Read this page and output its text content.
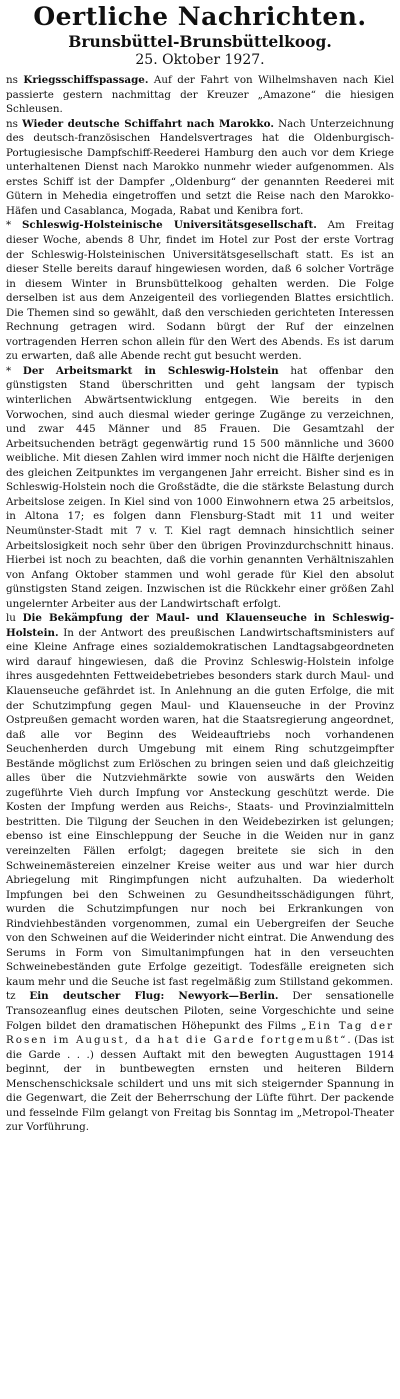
Oertliche Nachrichten.
Brunsbüttel-Brunsbüttelkoog.
25. Oktober 1927.

ns Kriegsschiffspassage. Auf der Fahrt von Wilhelmshaven nach Kiel passierte gestern nachmittag der Kreuzer „Amazone“ die hiesigen Schleusen.

ns Wieder deutsche Schiffahrt nach Marokko. Nach Unterzeichnung des deutsch-französischen Handelsvertrages hat die Oldenburgisch-Portugiesische Dampfschiff-Reederei Hamburg den auch vor dem Kriege unterhaltenen Dienst nach Marokko nunmehr wieder aufgenommen. Als erstes Schiff ist der Dampfer „Oldenburg“ der genannten Reederei mit Gütern in Mehedia eingetroffen und setzt die Reise nach den Marokko-Häfen und Casablanca, Mogada, Rabat und Kenibra fort.

* Schleswig-Holsteinische Universitätsgesellschaft. Am Freitag dieser Woche, abends 8 Uhr, findet im Hotel zur Post der erste Vortrag der Schleswig-Holsteinischen Universitätsgesellschaft statt. Es ist an dieser Stelle bereits darauf hingewiesen worden, daß 6 solcher Vorträge in diesem Winter in Brunsbüttelkoog gehalten werden. Die Folge derselben ist aus dem Anzeigenteil des vorliegenden Blattes ersichtlich. Die Themen sind so gewählt, daß den verschieden gerichteten Interessen Rechnung getragen wird. Sodann bürgt der Ruf der einzelnen vortragenden Herren schon allein für den Wert des Abends. Es ist darum zu erwarten, daß alle Abende recht gut besucht werden.

* Der Arbeitsmarkt in Schleswig-Holstein hat offenbar den günstigsten Stand überschritten und geht langsam der typisch winterlichen Abwärtsentwicklung entgegen. Wie bereits in den Vorwochen, sind auch diesmal wieder geringe Zugänge zu verzeichnen, und zwar 445 Männer und 85 Frauen. Die Gesamtzahl der Arbeitsuchenden beträgt gegenwärtig rund 15 500 männliche und 3600 weibliche. Mit diesen Zahlen wird immer noch nicht die Hälfte derjenigen des gleichen Zeitpunktes im vergangenen Jahr erreicht. Bisher sind es in Schleswig-Holstein noch die Großstädte, die die stärkste Belastung durch Arbeitslose zeigen. In Kiel sind von 1000 Einwohnern etwa 25 arbeitslos, in Altona 17; es folgen dann Flensburg-Stadt mit 11 und weiter Neumünster-Stadt mit 7 v. T. Kiel ragt demnach hinsichtlich seiner Arbeitslosigkeit noch sehr über den übrigen Provinzdurchschnitt hinaus. Hierbei ist noch zu beachten, daß die vorhin genannten Verhältniszahlen von Anfang Oktober stammen und wohl gerade für Kiel den absolut günstigsten Stand zeigen. Inzwischen ist die Rückkehr einer größen Zahl ungelernter Arbeiter aus der Landwirtschaft erfolgt.

lu Die Bekämpfung der Maul- und Klauenseuche in Schleswig-Holstein. In der Antwort des preußischen Landwirtschaftsministers auf eine Kleine Anfrage eines sozialdemokratischen Landtagsabgeordneten wird darauf hingewiesen, daß die Provinz Schleswig-Holstein infolge ihres ausgedehnten Fettweidebetriebes besonders stark durch Maul- und Klauenseuche gefährdet ist. In Anlehnung an die guten Erfolge, die mit der Schutzimpfung gegen Maul- und Klauenseuche in der Provinz Ostpreußen gemacht worden waren, hat die Staatsregierung angeordnet, daß alle vor Beginn des Weideauftriebs noch vorhandenen Seuchenherden durch Umgebung mit einem Ring schutzgeimpfter Bestände möglichst zum Erlöschen zu bringen seien und daß gleichzeitig alles über die Nutzviehmärkte sowie von auswärts den Weiden zugeführte Vieh durch Impfung vor Ansteckung geschützt werde. Die Kosten der Impfung werden aus Reichs-, Staats- und Provinzialmitteln bestritten. Die Tilgung der Seuchen in den Weidebezirken ist gelungen; ebenso ist eine Einschleppung der Seuche in die Weiden nur in ganz vereinzelten Fällen erfolgt; dagegen breitete sie sich in den Schweinemästereien einzelner Kreise weiter aus und war hier durch Abriegelung mit Ringimpfungen nicht aufzuhalten. Da wiederholt Impfungen bei den Schweinen zu Gesundheitsschädigungen führt, wurden die Schutzimpfungen nur noch bei Erkrankungen von Rindviehbeständen vorgenommen, zumal ein Uebergreifen der Seuche von den Schweinen auf die Weiderinder nicht eintrat. Die Anwendung des Serums in Form von Simultanimpfungen hat in den verseuchten Schweinebeständen gute Erfolge gezeitigt. Todesfälle ereigneten sich kaum mehr und die Seuche ist fast regelmäßig zum Stillstand gekommen.

tz Ein deutscher Flug: Newyork—Berlin. Der sensationelle Transozeanflug eines deutschen Piloten, seine Vorgeschichte und seine Folgen bildet den dramatischen Höhepunkt des Films „Ein Tag der Rosen im August, da hat die Garde fortgemußt“. (Das ist die Garde . . .) dessen Auftakt mit den bewegten Augusttagen 1914 beginnt, der in buntbewegten ernsten und heiteren Bildern Menschenschicksale schildert und uns mit sich steigernder Spannung in die Gegenwart, die Zeit der Beherrschung der Lüfte führt. Der packende und fesselnde Film gelangt von Freitag bis Sonntag im „Metropol-Theater zur Vorführung.
